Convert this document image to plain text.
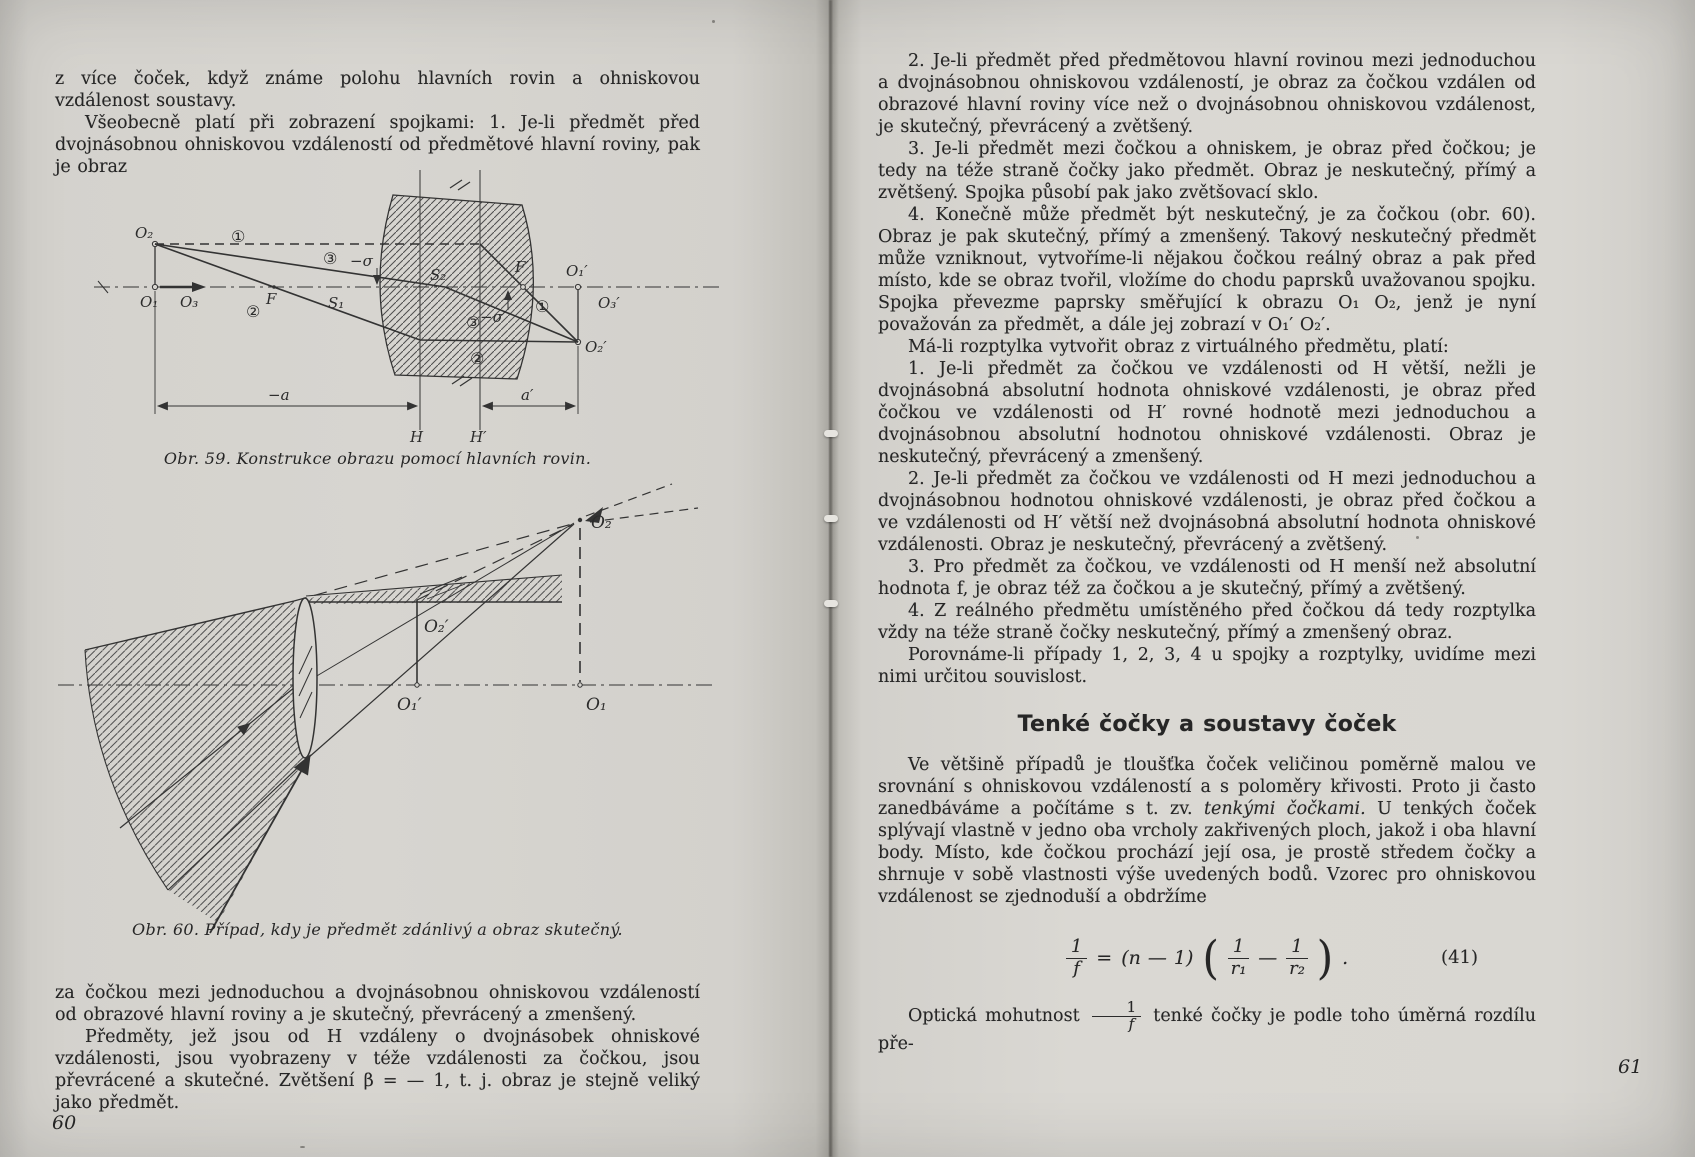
z více čoček, když známe polohu hlavních rovin a ohniskovou vzdálenost soustavy.

Všeobecně platí při zobrazení spojkami: 1. Je-li předmět před dvojnásobnou ohniskovou vzdáleností od předmětové hlavní roviny, pak je obraz

O₂
O₁ O₃	F	S₁
S₂	F′ O₁′
O₃′
O₂′
H	H′
−a	a′
−σ
−σ′
①
③
②	①
③
②
Obr. 59. Konstrukce obrazu pomocí hlavních rovin.
O₂
O₂′
O₁′	O₁
Obr. 60. Případ, kdy je předmět zdánlivý a obraz skutečný.

za čočkou mezi jednoduchou a dvojnásobnou ohniskovou vzdáleností od obrazové hlavní roviny a je skutečný, převrácený a zmenšený.

Předměty, jež jsou od H vzdáleny o dvojnásobek ohniskové vzdálenosti, jsou vyobrazeny v téže vzdálenosti za čočkou, jsou převrácené a skutečné. Zvětšení β = — 1, t. j. obraz je stejně veliký jako předmět.

60

2. Je-li předmět před předmětovou hlavní rovinou mezi jednoduchou a dvojnásobnou ohniskovou vzdáleností, je obraz za čočkou vzdálen od obrazové hlavní roviny více než o dvojnásobnou ohniskovou vzdálenost, je skutečný, převrácený a zvětšený.

3. Je-li předmět mezi čočkou a ohniskem, je obraz před čočkou; je tedy na téže straně čočky jako předmět. Obraz je neskutečný, přímý a zvětšený. Spojka působí pak jako zvětšovací sklo.

4. Konečně může předmět být neskutečný, je za čočkou (obr. 60). Obraz je pak skutečný, přímý a zmenšený. Takový neskutečný předmět může vzniknout, vytvoříme-li nějakou čočkou reálný obraz a pak před místo, kde se obraz tvořil, vložíme do chodu paprsků uvažovanou spojku. Spojka převezme paprsky směřující k obrazu O₁ O₂, jenž je nyní považován za předmět, a dále jej zobrazí v O₁′ O₂′.

Má-li rozptylka vytvořit obraz z virtuálného předmětu, platí:

1. Je-li předmět za čočkou ve vzdálenosti od H větší, nežli je dvojnásobná absolutní hodnota ohniskové vzdálenosti, je obraz před čočkou ve vzdálenosti od H′ rovné hodnotě mezi jednoduchou a dvojnásobnou absolutní hodnotou ohniskové vzdálenosti. Obraz je neskutečný, převrácený a zmenšený.

2. Je-li předmět za čočkou ve vzdálenosti od H mezi jednoduchou a dvojnásobnou hodnotou ohniskové vzdálenosti, je obraz před čočkou a ve vzdálenosti od H′ větší než dvojnásobná absolutní hodnota ohniskové vzdálenosti. Obraz je neskutečný, převrácený a zvětšený.

3. Pro předmět za čočkou, ve vzdálenosti od H menší než absolutní hodnota f, je obraz též za čočkou a je skutečný, přímý a zvětšený.

4. Z reálného předmětu umístěného před čočkou dá tedy rozptylka vždy na téže straně čočky neskutečný, přímý a zmenšený obraz.

Porovnáme-li případy 1, 2, 3, 4 u spojky a rozptylky, uvidíme mezi nimi určitou souvislost.

Tenké čočky a soustavy čoček

Ve většině případů je tloušťka čoček veličinou poměrně malou ve srovnání s ohniskovou vzdáleností a s poloměry křivosti. Proto ji často zanedbáváme a počítáme s t. zv. tenkými čočkami. U tenkých čoček splývají vlastně v jedno oba vrcholy zakřivených ploch, jakož i oba hlavní body. Místo, kde čočkou prochází její osa, je prostě středem čočky a shrnuje v sobě vlastnosti výše uvedených bodů. Vzorec pro ohniskovou vzdálenost se zjednoduší a obdržíme

$\frac{1}{f} = (n$ — 1) ( $\frac{1}{\text{r₁}}$ — $\frac{1}{\text{r₂}}$ ) .	(41)

Optická mohutnost $\frac{1}{f}$ tenké čočky je podle toho úměrná rozdílu pře-

61
